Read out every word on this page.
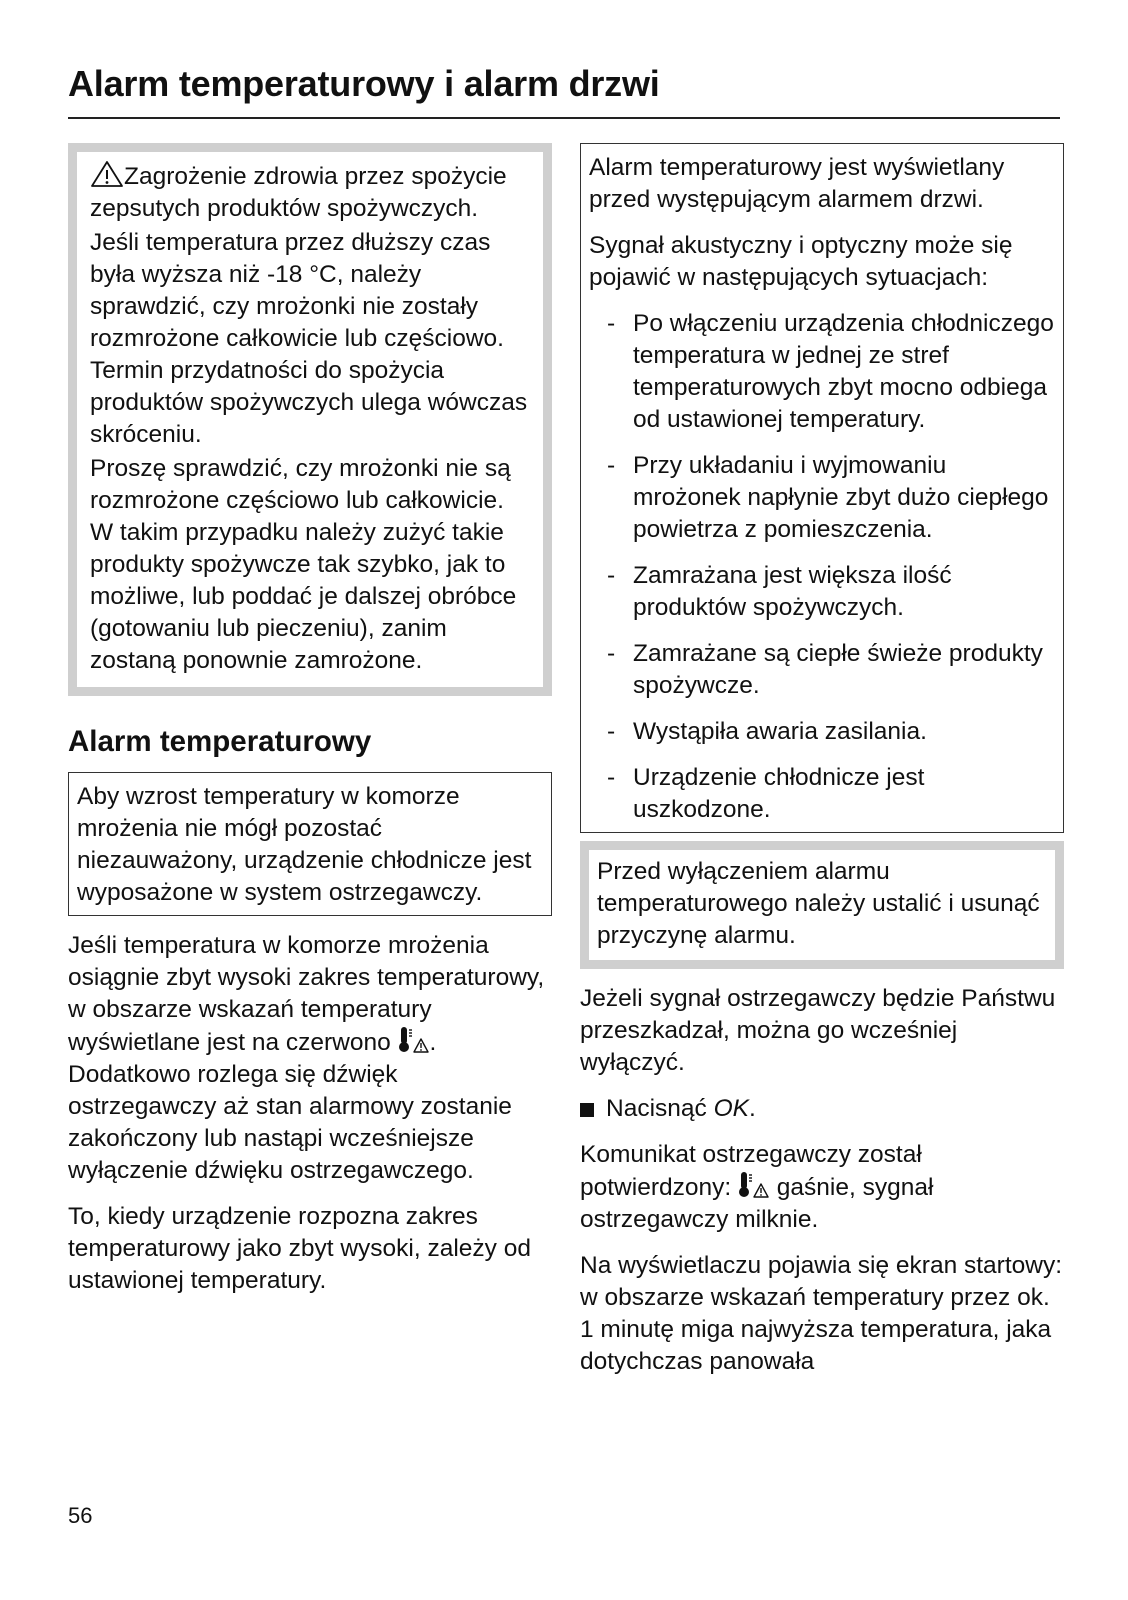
Alarm temperaturowy i alarm drzwi

Zagrożenie zdrowia przez spożycie zepsutych produktów spożywczych.

Jeśli temperatura przez dłuższy czas była wyższa niż -18 °C, należy sprawdzić, czy mrożonki nie zostały rozmrożone całkowicie lub częściowo. Termin przydatności do spożycia produktów spożywczych ulega wówczas skróceniu.

Proszę sprawdzić, czy mrożonki nie są rozmrożone częściowo lub całkowicie. W takim przypadku należy zużyć takie produkty spożywcze tak szybko, jak to możliwe, lub poddać je dalszej obróbce (gotowaniu lub pieczeniu), zanim zostaną ponownie zamrożone.

Alarm temperaturowy

Aby wzrost temperatury w komorze mrożenia nie mógł pozostać niezauważony, urządzenie chłodnicze jest wyposażone w system ostrzegawczy.

Jeśli temperatura w komorze mrożenia osiągnie zbyt wysoki zakres temperaturowy, w obszarze wskazań temperatury wyświetlane jest na czerwono . Dodatkowo rozlega się dźwięk ostrzegawczy aż stan alarmowy zostanie zakończony lub nastąpi wcześniejsze wyłączenie dźwięku ostrzegawczego.

To, kiedy urządzenie rozpozna zakres temperaturowy jako zbyt wysoki, zależy od ustawionej temperatury.

Alarm temperaturowy jest wyświetlany przed występującym alarmem drzwi.

Sygnał akustyczny i optyczny może się pojawić w następujących sytuacjach:

- Po włączeniu urządzenia chłodniczego temperatura w jednej ze stref temperaturowych zbyt mocno odbiega od ustawionej temperatury.
- Przy układaniu i wyjmowaniu mrożonek napłynie zbyt dużo ciepłego powietrza z pomieszczenia.
- Zamrażana jest większa ilość produktów spożywczych.
- Zamrażane są ciepłe świeże produkty spożywcze.
- Wystąpiła awaria zasilania.
- Urządzenie chłodnicze jest uszkodzone.

Przed wyłączeniem alarmu temperaturowego należy ustalić i usunąć przyczynę alarmu.

Jeżeli sygnał ostrzegawczy będzie Państwu przeszkadzał, można go wcześniej wyłączyć.

Nacisnąć OK.

Komunikat ostrzegawczy został potwierdzony:  gaśnie, sygnał ostrzegawczy milknie.

Na wyświetlaczu pojawia się ekran startowy: w obszarze wskazań temperatury przez ok. 1 minutę miga najwyższa temperatura, jaka dotychczas panowała

56
